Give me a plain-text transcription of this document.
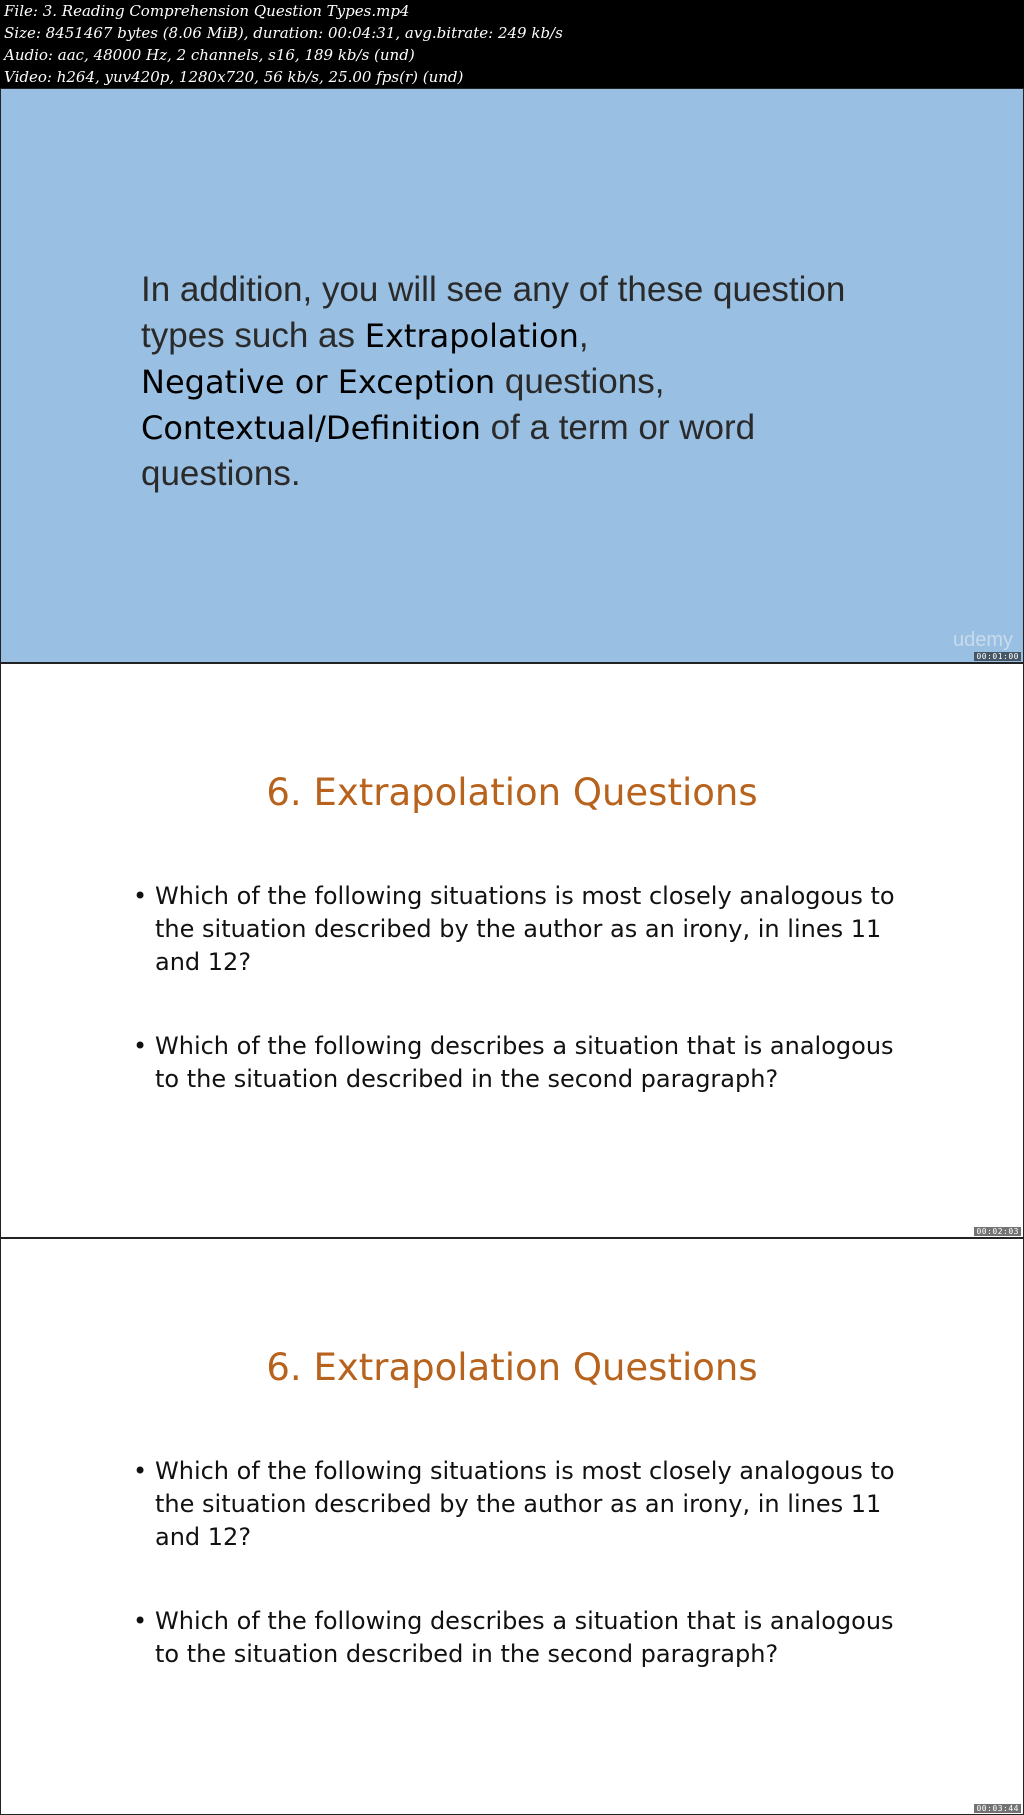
File: 3. Reading Comprehension Question Types.mp4
Size: 8451467 bytes (8.06 MiB), duration: 00:04:31, avg.bitrate: 249 kb/s
Audio: aac, 48000 Hz, 2 channels, s16, 189 kb/s (und)
Video: h264, yuv420p, 1280x720, 56 kb/s, 25.00 fps(r) (und)
In addition, you will see any of these question types such as Extrapolation,
Negative or Exception questions,
Contextual/Definition of a term or word questions.
udemy
00:01:00
6. Extrapolation Questions
• Which of the following situations is most closely analogous to the situation described by the author as an irony, in lines 11 and 12?
• Which of the following describes a situation that is analogous to the situation described in the second paragraph?
00:02:03
6. Extrapolation Questions
• Which of the following situations is most closely analogous to the situation described by the author as an irony, in lines 11 and 12?
• Which of the following describes a situation that is analogous to the situation described in the second paragraph?
00:03:44
